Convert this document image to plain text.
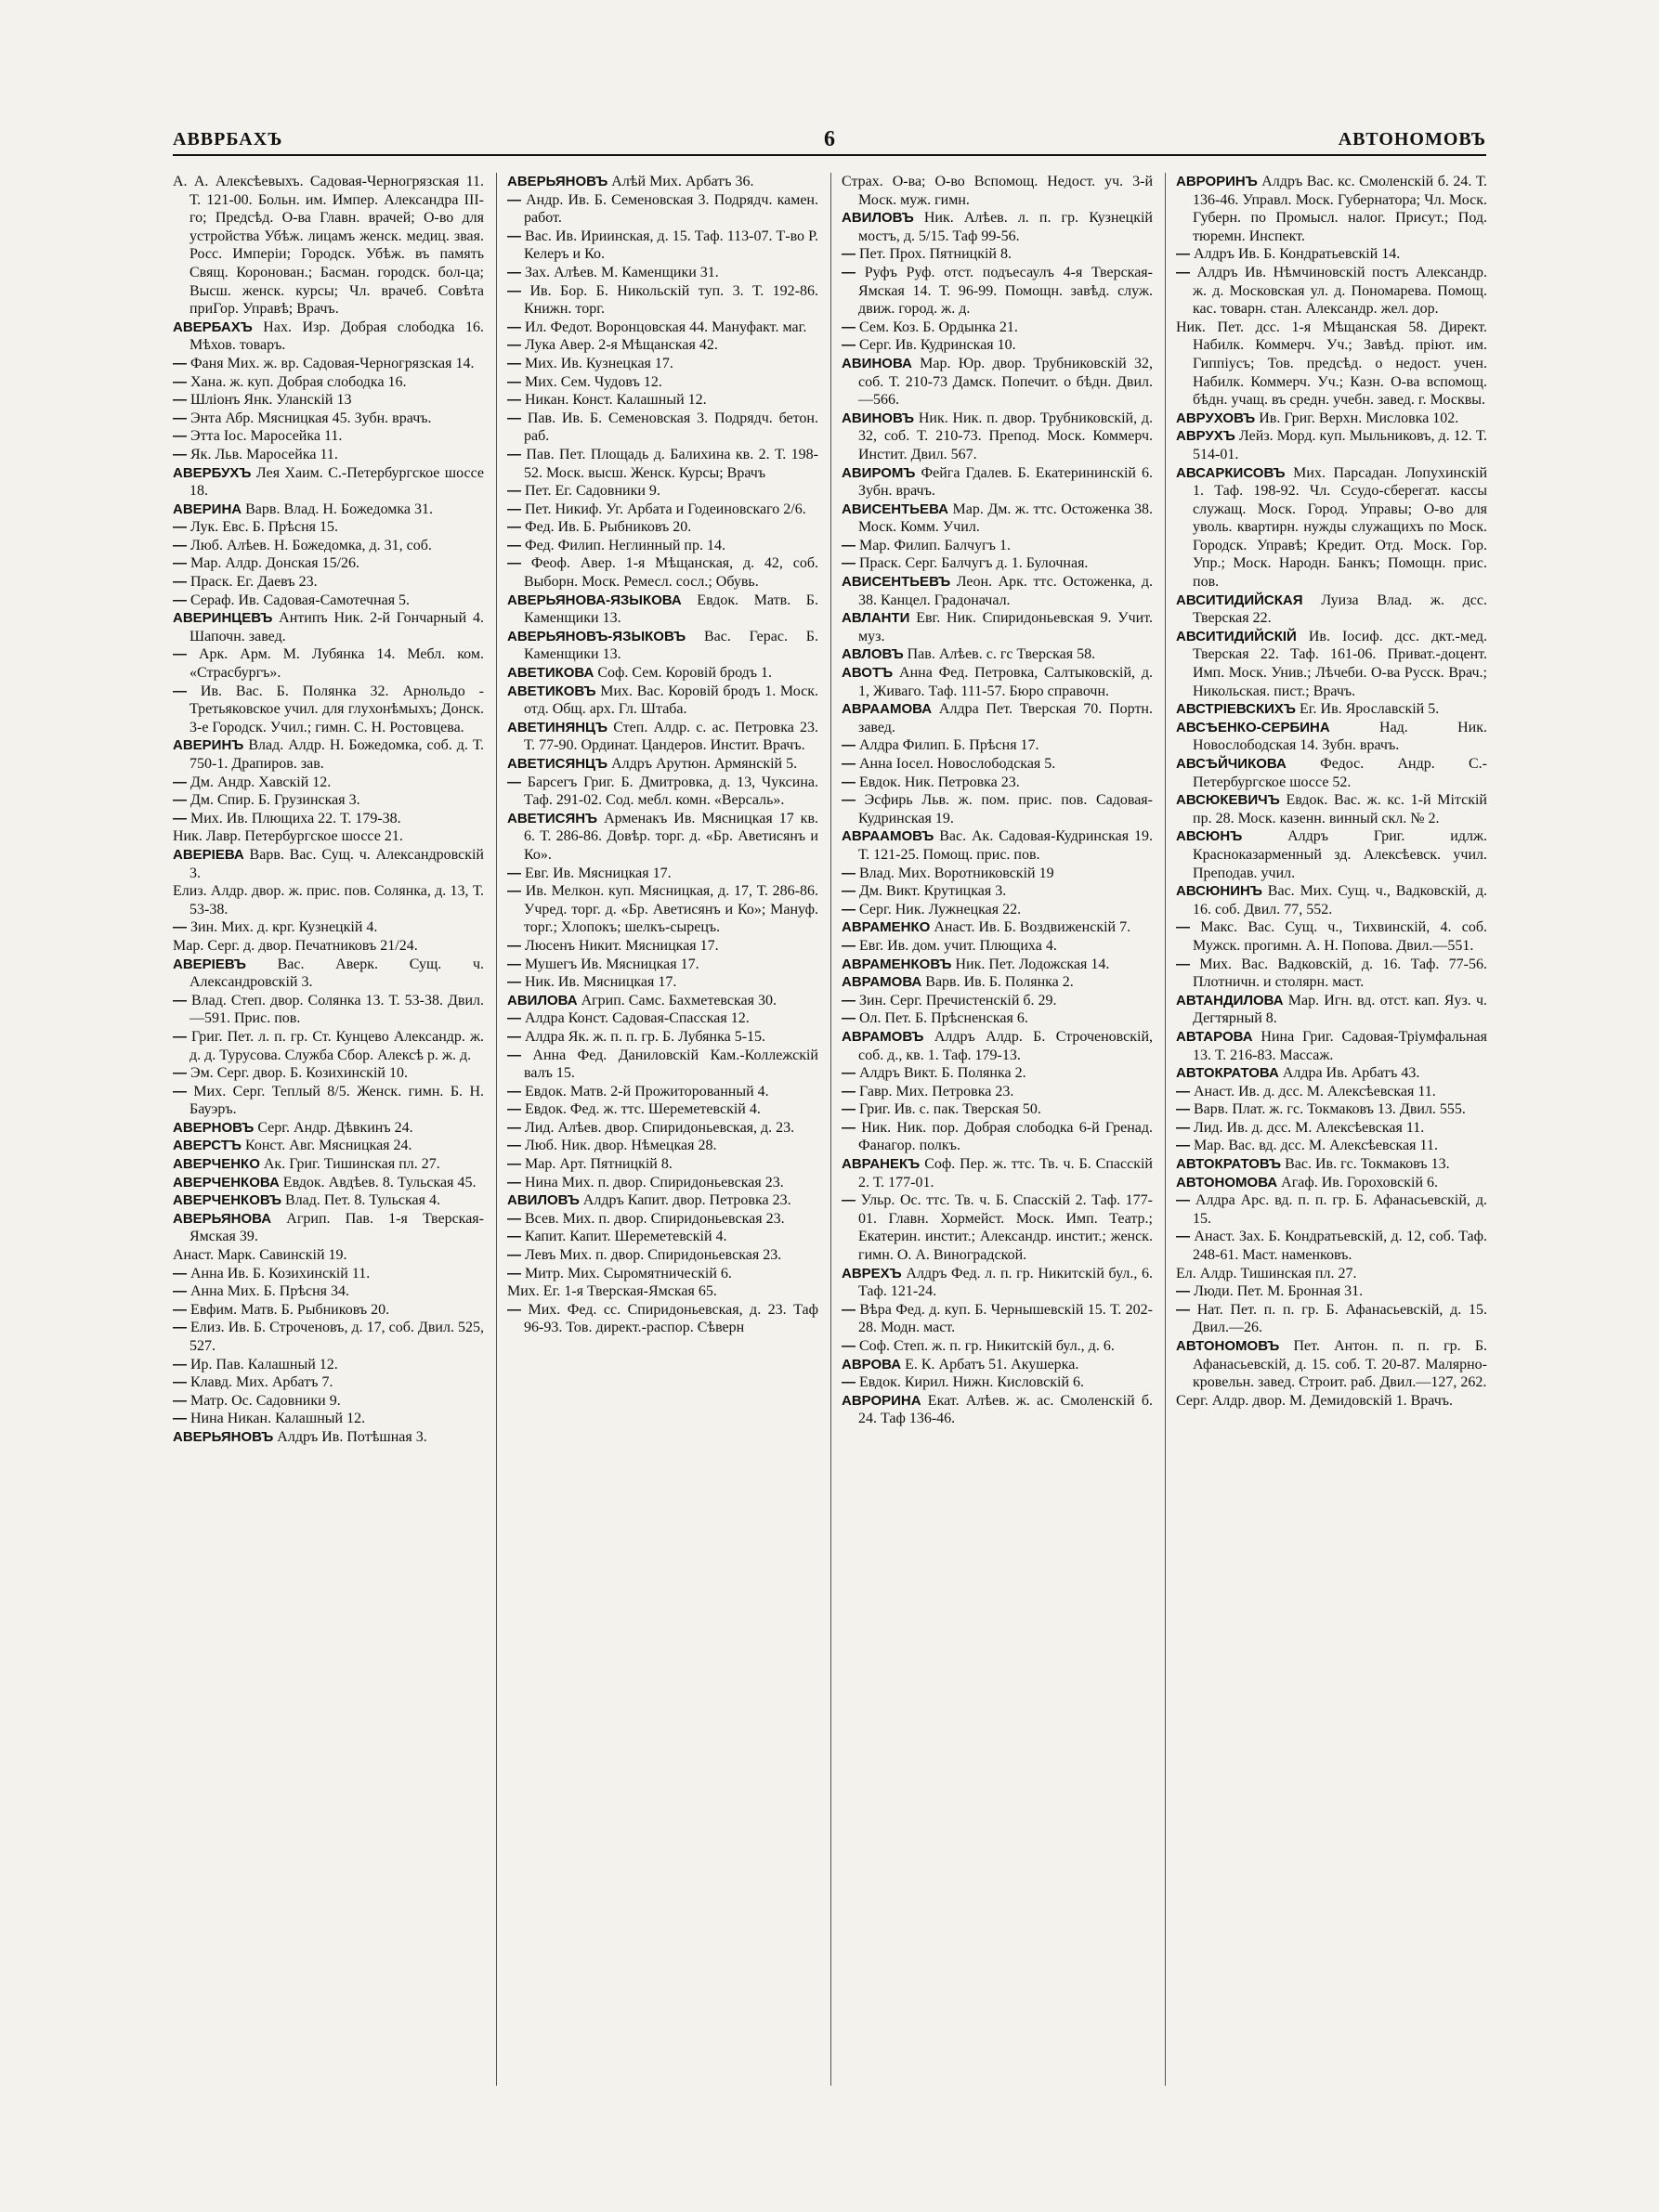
АВВРБАХЪ	6	АВТОНОМОВЪ

А. А. Алексѣевыхъ. Садовая-Черногрязская 11. Т. 121-00. Больн. им. Импер. Александра III-го; Предсѣд. О-ва Главн. врачей; О-во для устройства Убѣж. лицамъ женск. медиц. звая. Росс. Имперіи; Городск. Убѣж. въ память Свящ. Коронован.; Басман. городск. бол-ца; Высш. женск. курсы; Чл. врачеб. Совѣта приГор. Управѣ; Врачъ.

АВЕРБАХЪ Нах. Изр. Добрая слободка 16. Мѣхов. товаръ.

— Фаня Мих. ж. вр. Садовая-Черногрязская 14.

— Хана. ж. куп. Добрая слободка 16.

— Шлiонъ Янк. Уланскій 13

— Энта Абр. Мясницкая 45. Зубн. врачъ.

— Этта Іос. Маросейка 11.

— Як. Льв. Маросейка 11.

АВЕРБУХЪ Лея Хаим. С.-Петербургское шоссе 18.

АВЕРИНА Варв. Влад. Н. Божедомка 31.

— Лук. Евс. Б. Прѣсня 15.

— Люб. Алѣев. Н. Божедомка, д. 31, соб.

— Мар. Алдр. Донская 15/26.

— Праск. Ег. Даевъ 23.

— Сераф. Ив. Садовая-Самотечная 5.

АВЕРИНЦЕВЪ Антипъ Ник. 2-й Гончарный 4. Шапочн. завед.

— Арк. Арм. М. Лубянка 14. Мебл. ком. «Страсбургъ».

— Ив. Вас. Б. Полянка 32. Арнольдо - Третьяковское учил. для глухонѣмыхъ; Донск. 3-е Городск. Учил.; гимн. С. Н. Ростовцева.

АВЕРИНЪ Влад. Алдр. Н. Божедомка, соб. д. Т. 750-1. Драпиров. зав.

— Дм. Андр. Хавскій 12.

— Дм. Спир. Б. Грузинская 3.

— Мих. Ив. Плющиха 22. Т. 179-38.

Ник. Лавр. Петербургское шоссе 21.

АВЕРІЕВА Варв. Вас. Сущ. ч. Александровскій 3.

Елиз. Алдр. двор. ж. прис. пов. Солянка, д. 13, Т. 53-38.

— Зин. Мих. д. крг. Кузнецкій 4.

Мар. Серг. д. двор. Печатниковъ 21/24.

АВЕРІЕВЪ Вас. Аверк. Сущ. ч. Александровскій 3.

— Влад. Степ. двор. Солянка 13. Т. 53-38. Двил.—591. Прис. пов.

— Григ. Пет. л. п. гр. Ст. Кунцево Александр. ж. д. д. Турусова. Служба Сбор. Алексѣ р. ж. д.

— Эм. Серг. двор. Б. Козихинскій 10.

— Мих. Серг. Теплый 8/5. Женск. гимн. Б. Н. Бауэръ.

АВЕРНОВЪ Серг. Андр. Дѣвкинъ 24.

АВЕРСТЪ Конст. Авг. Мясницкая 24.

АВЕРЧЕНКО Ак. Григ. Тишинская пл. 27.

АВЕРЧЕНКОВА Евдок. Авдѣев. 8. Тульская 45.

АВЕРЧЕНКОВЪ Влад. Пет. 8. Тульская 4.

АВЕРЬЯНОВА Агрип. Пав. 1-я Тверская-Ямская 39.

Анаст. Марк. Савинскій 19.

— Анна Ив. Б. Козихинскій 11.

— Анна Мих. Б. Прѣсня 34.

— Евфим. Матв. Б. Рыбниковъ 20.

— Елиз. Ив. Б. Строченовъ, д. 17, соб. Двил. 525, 527.

— Ир. Пав. Калашный 12.

— Клавд. Мих. Арбатъ 7.

— Матр. Ос. Садовники 9.

— Нина Никан. Калашный 12.

АВЕРЬЯНОВЪ Алдръ Ив. Потѣшная 3.

АВЕРЬЯНОВЪ Алѣй Мих. Арбатъ 36.

— Андр. Ив. Б. Семеновская 3. Подрядч. камен. работ.

— Вас. Ив. Ириинская, д. 15. Таф. 113-07. Т-во Р. Келеръ и Ко.

— Зах. Алѣев. М. Каменщики 31.

— Ив. Бор. Б. Никольскій туп. 3. Т. 192-86. Книжн. торг.

— Ил. Федот. Воронцовская 44. Мануфакт. маг.

— Лука Авер. 2-я Мѣщанская 42.

— Мих. Ив. Кузнецкая 17.

— Мих. Сем. Чудовъ 12.

— Никан. Конст. Калашный 12.

— Пав. Ив. Б. Семеновская 3. Подрядч. бетон. раб.

— Пав. Пет. Площадь д. Балихина кв. 2. Т. 198-52. Моск. высш. Женск. Курсы; Врачъ

— Пет. Ег. Садовники 9.

— Пет. Никиф. Уг. Арбата и Годеиновскаго 2/6.

— Фед. Ив. Б. Рыбниковъ 20.

— Фед. Филип. Неглинный пр. 14.

— Феоф. Авер. 1-я Мѣщанская, д. 42, соб. Выборн. Моск. Ремесл. сосл.; Обувь.

АВЕРЬЯНОВА-ЯЗЫКОВА Евдок. Матв. Б. Каменщики 13.

АВЕРЬЯНОВЪ-ЯЗЫКОВЪ Вас. Герас. Б. Каменщики 13.

АВЕТИКОВА Соф. Сем. Коровій бродъ 1.

АВЕТИКОВЪ Мих. Вас. Коровій бродъ 1. Моск. отд. Общ. арх. Гл. Штаба.

АВЕТИНЯНЦЪ Степ. Алдр. с. ас. Петровка 23. Т. 77-90. Ординат. Цандеров. Инстит. Врачъ.

АВЕТИСЯНЦЪ Алдръ Арутюн. Армянскій 5.

— Барсегъ Григ. Б. Дмитровка, д. 13, Чуксина. Таф. 291-02. Сод. мебл. комн. «Версаль».

АВЕТИСЯНЪ Арменакъ Ив. Мясницкая 17 кв. 6. Т. 286-86. Довѣр. торг. д. «Бр. Аветисянъ и Ко».

— Евг. Ив. Мясницкая 17.

— Ив. Мелкон. куп. Мясницкая, д. 17, Т. 286-86. Учред. торг. д. «Бр. Аветисянъ и Ко»; Мануф. торг.; Хлопокъ; шелкъ-сырецъ.

— Люсенъ Никит. Мясницкая 17.

— Мушегъ Ив. Мясницкая 17.

— Ник. Ив. Мясницкая 17.

АВИЛОВА Агрип. Самс. Бахметевская 30.

— Алдра Конст. Садовая-Спасская 12.

— Алдра Як. ж. п. п. гр. Б. Лубянка 5-15.

— Анна Фед. Даниловскій Кам.-Коллежскій валъ 15.

— Евдок. Матв. 2-й Прожиторованный 4.

— Евдок. Фед. ж. ттс. Шереметевскій 4.

— Лид. Алѣев. двор. Спиридоньевская, д. 23.

— Люб. Ник. двор. Нѣмецкая 28.

— Мар. Арт. Пятницкій 8.

— Нина Мих. п. двор. Спиридоньевская 23.

АВИЛОВЪ Алдръ Капит. двор. Петровка 23.

— Всев. Мих. п. двор. Спиридоньевская 23.

— Капит. Капит. Шереметевскій 4.

— Левъ Мих. п. двор. Спиридоньевская 23.

— Митр. Мих. Сыромятническій 6.

Мих. Ег. 1-я Тверская-Ямская 65.

— Мих. Фед. сс. Спиридоньевская, д. 23. Таф 96-93. Тов. директ.-распор. Сѣверн

Страх. О-ва; О-во Вспомощ. Недост. уч. 3-й Моск. муж. гимн.

АВИЛОВЪ Ник. Алѣев. л. п. гр. Кузнецкій мостъ, д. 5/15. Таф 99-56.

— Пет. Прох. Пятницкій 8.

— Руфъ Руф. отст. подъесаулъ 4-я Тверская-Ямская 14. Т. 96-99. Помощн. завѣд. служ. движ. город. ж. д.

— Сем. Коз. Б. Ордынка 21.

— Серг. Ив. Кудринская 10.

АВИНОВА Мар. Юр. двор. Трубниковскій 32, соб. Т. 210-73 Дамск. Попечит. о бѣдн. Двил.—566.

АВИНОВЪ Ник. Ник. п. двор. Трубниковскій, д. 32, соб. Т. 210-73. Препод. Моск. Коммерч. Инстит. Двил. 567.

АВИРОМЪ Фейга Гдалев. Б. Екатерининскій 6. Зубн. врачъ.

АВИСЕНТЬЕВА Мар. Дм. ж. ттс. Остоженка 38. Моск. Комм. Учил.

— Мар. Филип. Балчугъ 1.

— Праск. Серг. Балчугъ д. 1. Булочная.

АВИСЕНТЬЕВЪ Леон. Арк. ттс. Остоженка, д. 38. Канцел. Градоначал.

АВЛАНТИ Евг. Ник. Спиридоньевская 9. Учит. муз.

АВЛОВЪ Пав. Алѣев. с. гс Тверская 58.

АВОТЪ Анна Фед. Петровка, Салтыковскій, д. 1, Живаго. Таф. 111-57. Бюро справочн.

АВРААМОВА Алдра Пет. Тверская 70. Портн. завед.

— Алдра Филип. Б. Прѣсня 17.

— Анна Іосел. Новослободская 5.

— Евдок. Ник. Петровка 23.

— Эсфирь Льв. ж. пом. прис. пов. Садовая-Кудринская 19.

АВРААМОВЪ Вас. Ак. Садовая-Кудринская 19. Т. 121-25. Помощ. прис. пов.

— Влад. Мих. Воротниковскій 19

— Дм. Викт. Крутицкая 3.

— Серг. Ник. Лужнецкая 22.

АВРАМЕНКО Анаст. Ив. Б. Воздвиженскій 7.

— Евг. Ив. дом. учит. Плющиха 4.

АВРАМЕНКОВЪ Ник. Пет. Лодожская 14.

АВРАМОВА Варв. Ив. Б. Полянка 2.

— Зин. Серг. Пречистенскій б. 29.

— Ол. Пет. Б. Прѣсненская 6.

АВРАМОВЪ Алдръ Алдр. Б. Строченовскій, соб. д., кв. 1. Таф. 179-13.

— Алдръ Викт. Б. Полянка 2.

— Гавр. Мих. Петровка 23.

— Григ. Ив. с. пак. Тверская 50.

— Ник. Ник. пор. Добрая слободка 6-й Гренад. Фанагор. полкъ.

АВРАНЕКЪ Соф. Пер. ж. ттс. Тв. ч. Б. Спасскій 2. Т. 177-01.

— Ульр. Ос. ттс. Тв. ч. Б. Спасскій 2. Таф. 177-01. Главн. Хормейст. Моск. Имп. Театр.; Екатерин. инстит.; Александр. инстит.; женск. гимн. О. А. Виноградской.

АВРЕХЪ Алдръ Фед. л. п. гр. Никитскій бул., 6. Таф. 121-24.

— Вѣра Фед. д. куп. Б. Чернышевскій 15. Т. 202-28. Модн. маст.

— Соф. Степ. ж. п. гр. Никитскій бул., д. 6.

АВРОВА Е. К. Арбатъ 51. Акушерка.

— Евдок. Кирил. Нижн. Кисловскій 6.

АВРОРИНА Екат. Алѣев. ж. ас. Смоленскій б. 24. Таф 136-46.

АВРОРИНЪ Алдръ Вас. кс. Смоленскій б. 24. Т. 136-46. Управл. Моск. Губернатора; Чл. Моск. Губерн. по Промысл. налог. Присут.; Под. тюремн. Инспект.

— Алдръ Ив. Б. Кондратьевскій 14.

— Алдръ Ив. Нѣмчиновскій постъ Александр. ж. д. Московская ул. д. Пономарева. Помощ. кас. товарн. стан. Александр. жел. дор.

Ник. Пет. дсс. 1-я Мѣщанская 58. Директ. Набилк. Коммерч. Уч.; Завѣд. пріют. им. Гиппіусъ; Тов. предсѣд. о недост. учен. Набилк. Коммерч. Уч.; Казн. О-ва вспомощ. бѣдн. учащ. въ средн. учебн. завед. г. Москвы.

АВРУХОВЪ Ив. Григ. Верхн. Мисловка 102.

АВРУХЪ Лейз. Морд. куп. Мыльниковъ, д. 12. Т. 514-01.

АВСАРКИСОВЪ Мих. Парсадан. Лопухинскій 1. Таф. 198-92. Чл. Ссудо-сберегат. кассы служащ. Моск. Город. Управы; О-во для уволь. квартирн. нужды служащихъ по Моск. Городск. Управѣ; Кредит. Отд. Моск. Гор. Упр.; Моск. Народн. Банкъ; Помощн. прис. пов.

АВСИТИДИЙСКАЯ Луиза Влад. ж. дсс. Тверская 22.

АВСИТИДИЙСКІЙ Ив. Іосиф. дсс. дкт.-мед. Тверская 22. Таф. 161-06. Приват.-доцент. Имп. Моск. Унив.; Лѣчеби. О-ва Русск. Врач.; Никольская. пист.; Врачъ.

АВСТРІЕВСКИХЪ Ег. Ив. Ярославскій 5.

АВСѢЕНКО-СЕРБИНА Над. Ник. Новослободская 14. Зубн. врачъ.

АВСѢЙЧИКОВА Федос. Андр. С.-Петербургское шоссе 52.

АВСЮКЕВИЧЪ Евдок. Вас. ж. кс. 1-й Мітскій пр. 28. Моск. казенн. винный скл. № 2.

АВСЮНЪ Алдръ Григ. идлж. Красноказарменный зд. Алексѣевск. учил. Преподав. учил.

АВСЮНИНЪ Вас. Мих. Сущ. ч., Вадковскій, д. 16. соб. Двил. 77, 552.

— Макс. Вас. Сущ. ч., Тихвинскій, 4. соб. Мужск. прогимн. А. Н. Попова. Двил.—551.

— Мих. Вас. Вадковскій, д. 16. Таф. 77-56. Плотничн. и столярн. маст.

АВТАНДИЛОВА Мар. Игн. вд. отст. кап. Яуз. ч. Дегтярный 8.

АВТАРОВА Нина Григ. Садовая-Тріумфальная 13. Т. 216-83. Массаж.

АВТОКРАТОВА Алдра Ив. Арбатъ 43.

— Анаст. Ив. д. дсс. М. Алексѣевская 11.

— Варв. Плат. ж. гс. Токмаковъ 13. Двил. 555.

— Лид. Ив. д. дсс. М. Алексѣевская 11.

— Мар. Вас. вд. дсс. М. Алексѣевская 11.

АВТОКРАТОВЪ Вас. Ив. гс. Токмаковъ 13.

АВТОНОМОВА Агаф. Ив. Гороховскій 6.

— Алдра Арс. вд. п. п. гр. Б. Афанасьевскій, д. 15.

— Анаст. Зах. Б. Кондратьевскій, д. 12, соб. Таф. 248-61. Маст. наменковъ.

Ел. Алдр. Тишинская пл. 27.

— Люди. Пет. М. Бронная 31.

— Нат. Пет. п. п. гр. Б. Афанасьевскій, д. 15. Двил.—26.

АВТОНОМОВЪ Пет. Антон. п. п. гр. Б. Афанасьевскій, д. 15. соб. Т. 20-87. Малярно-кровельн. завед. Строит. раб. Двил.—127, 262.

Серг. Алдр. двор. М. Демидовскій 1. Врачъ.
